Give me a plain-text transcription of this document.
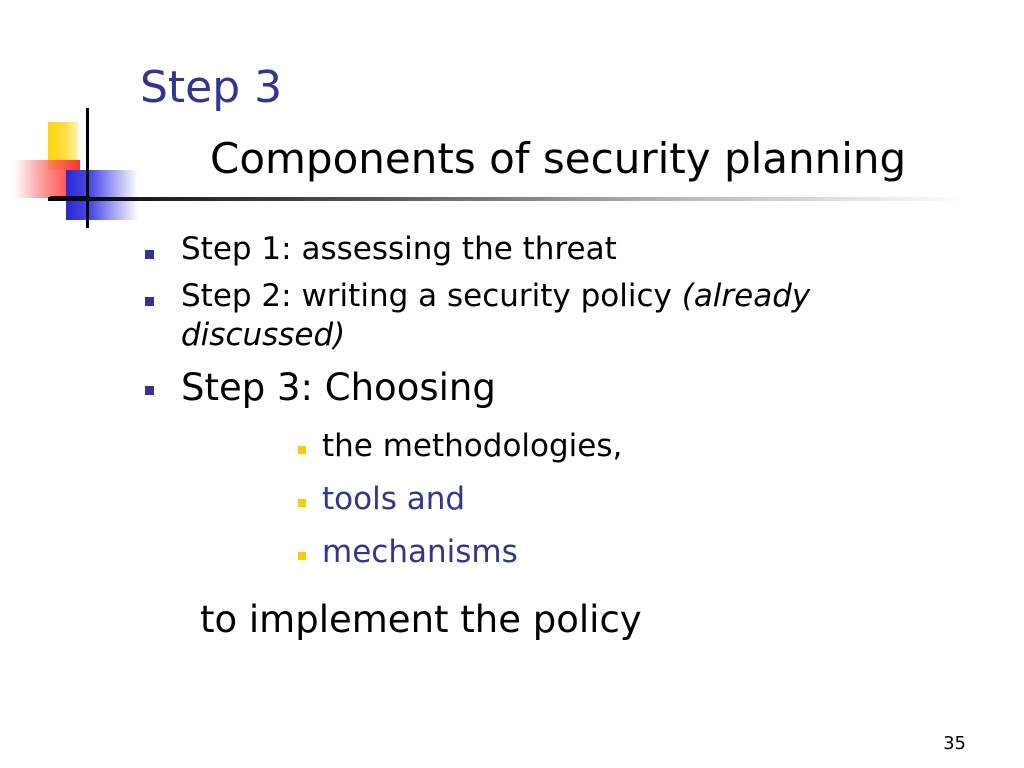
Step 3
Components of security planning
Step 1: assessing the threat
Step 2: writing a security policy (already discussed)
Step 3: Choosing
the methodologies,
tools and
mechanisms
to implement the policy
35
